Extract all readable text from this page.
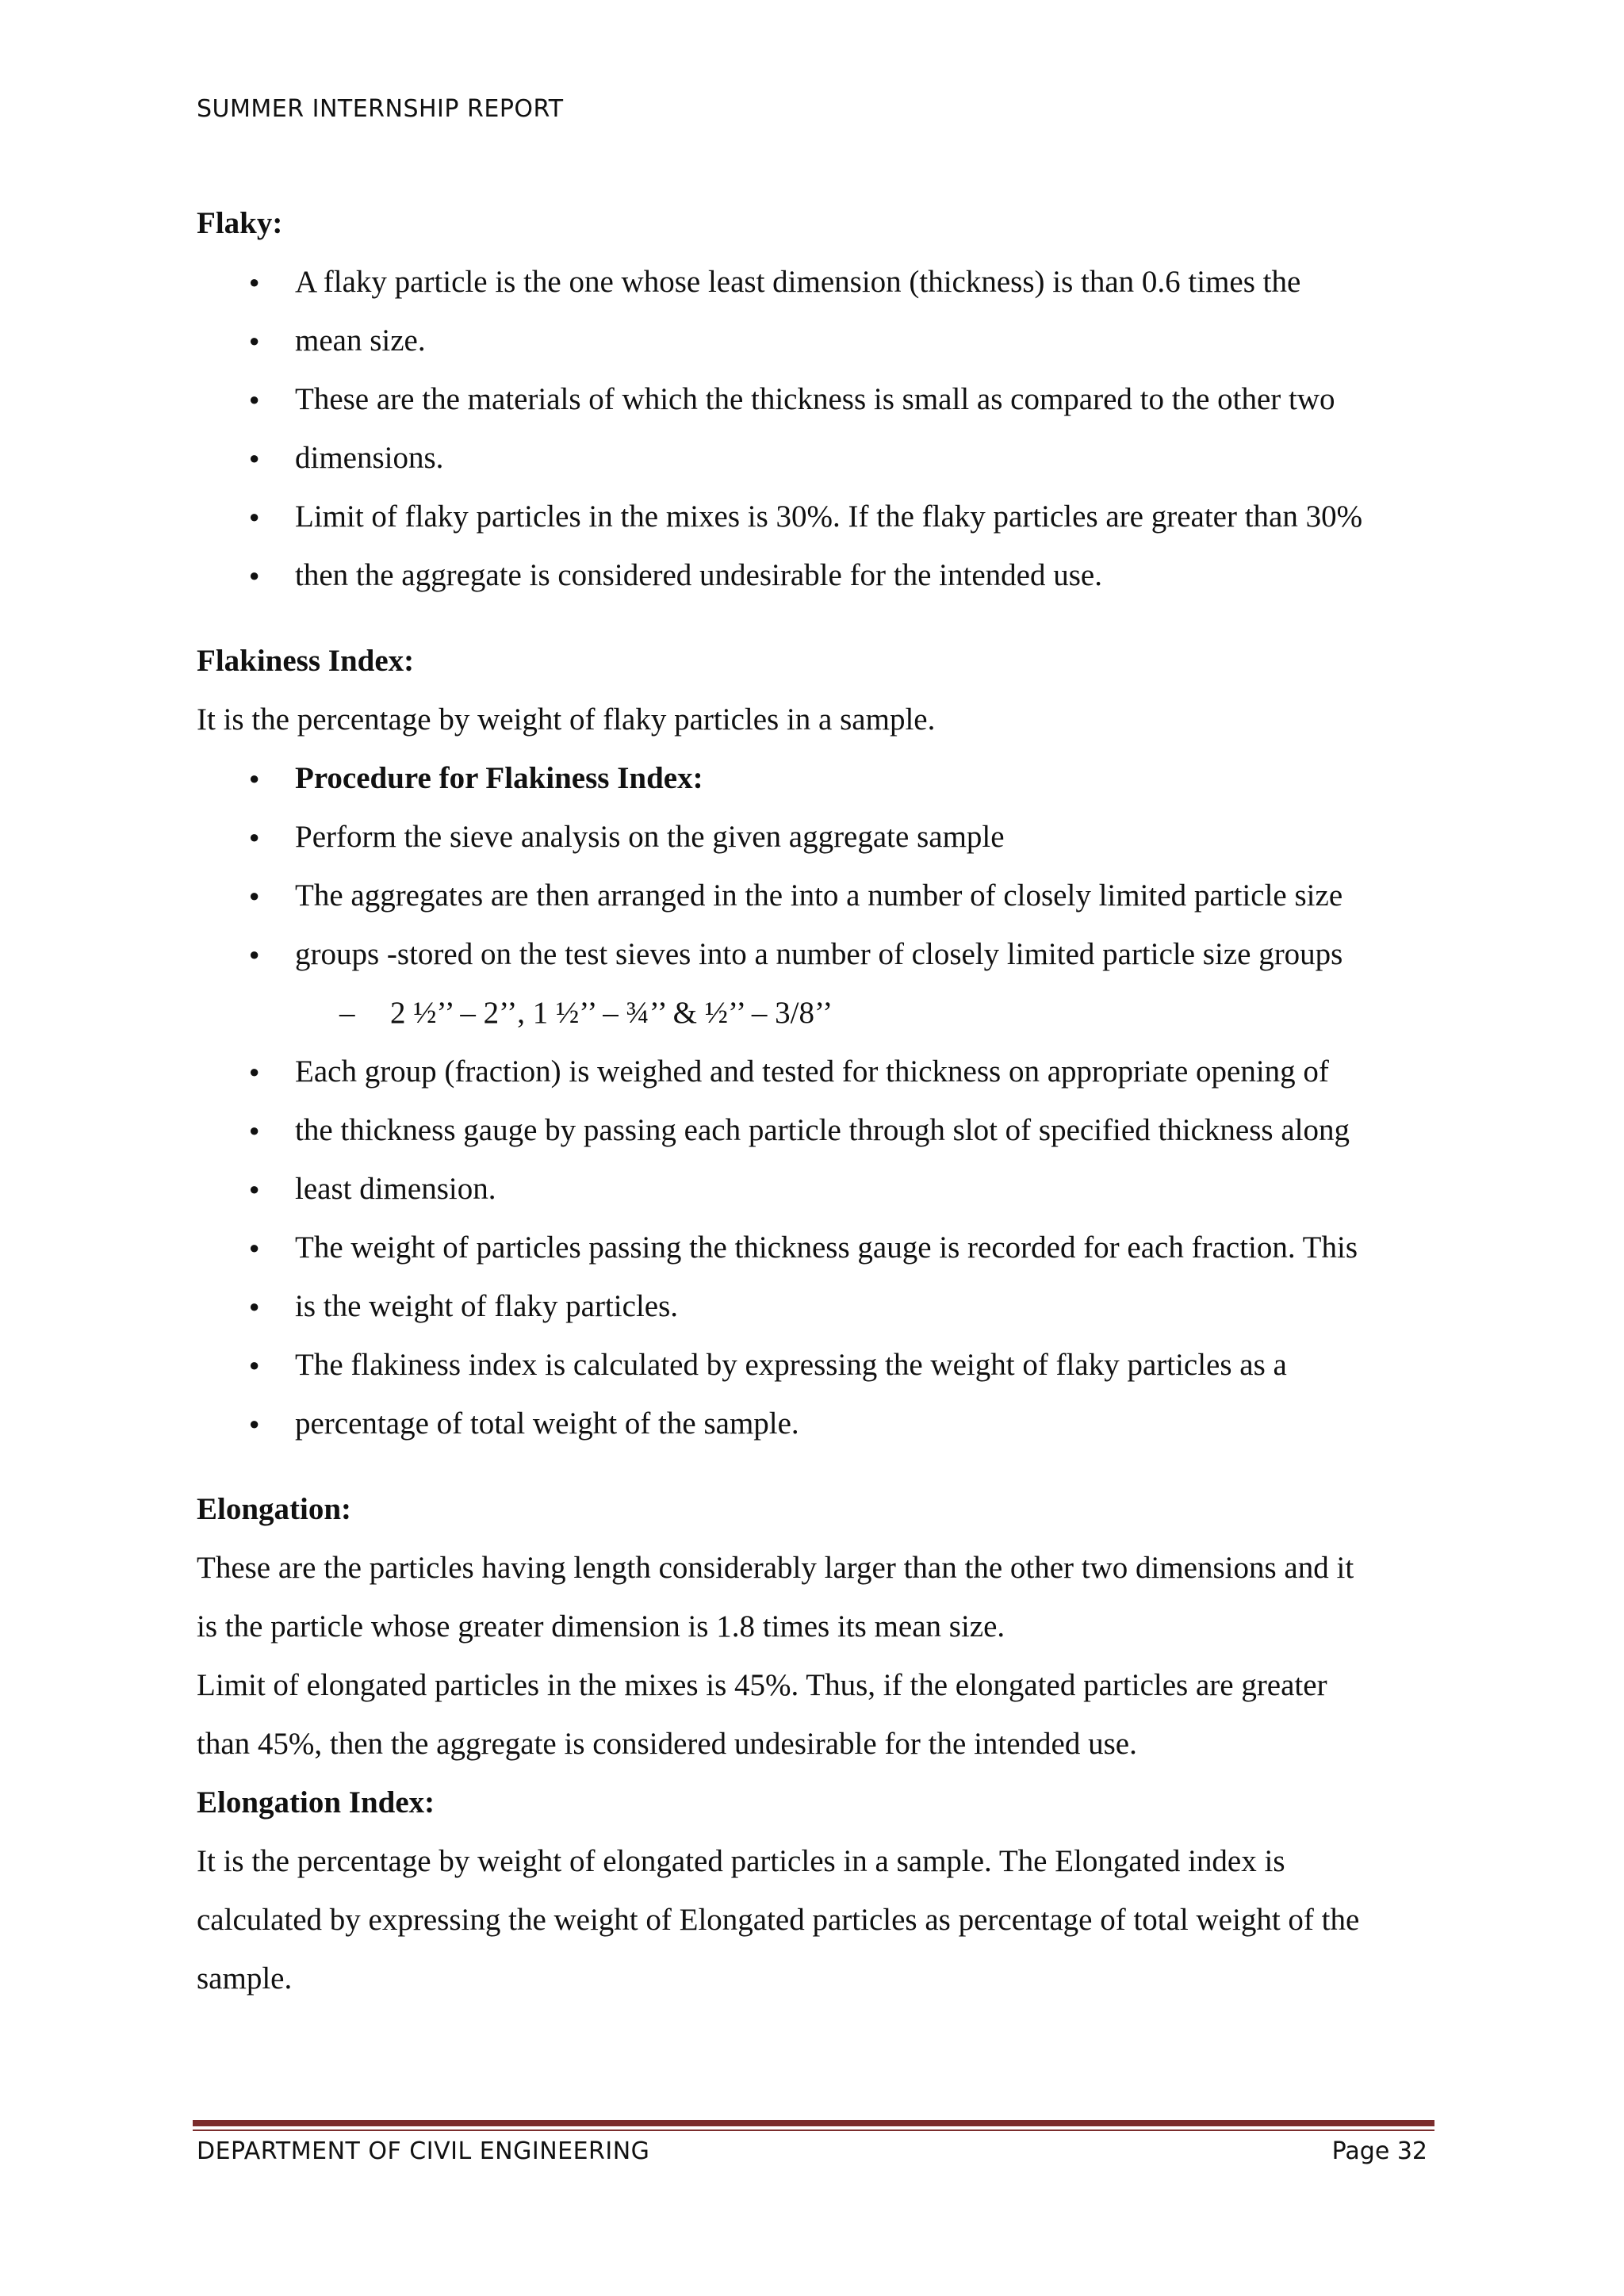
SUMMER INTERNSHIP REPORT

Flaky:

● A flaky particle is the one whose least dimension (thickness) is than 0.6 times the
● mean size.
● These are the materials of which the thickness is small as compared to the other two
● dimensions.
● Limit of flaky particles in the mixes is 30%. If the flaky particles are greater than 30%
● then the aggregate is considered undesirable for the intended use.

Flakiness Index:

It is the percentage by weight of flaky particles in a sample.

● Procedure for Flakiness Index:
● Perform the sieve analysis on the given aggregate sample
● The aggregates are then arranged in the into a number of closely limited particle size
● groups -stored on the test sieves into a number of closely limited particle size groups

– 2 ½’’ – 2’’, 1 ½’’ – ¾’’ & ½’’ – 3/8’’

● Each group (fraction) is weighed and tested for thickness on appropriate opening of
● the thickness gauge by passing each particle through slot of specified thickness along
● least dimension.
● The weight of particles passing the thickness gauge is recorded for each fraction. This
● is the weight of flaky particles.
● The flakiness index is calculated by expressing the weight of flaky particles as a
● percentage of total weight of the sample.

Elongation:

These are the particles having length considerably larger than the other two dimensions and it

is the particle whose greater dimension is 1.8 times its mean size.

Limit of elongated particles in the mixes is 45%. Thus, if the elongated particles are greater

than 45%, then the aggregate is considered undesirable for the intended use.

Elongation Index:

It is the percentage by weight of elongated particles in a sample. The Elongated index is

calculated by expressing the weight of Elongated particles as percentage of total weight of the

sample.

DEPARTMENT OF CIVIL ENGINEERING	Page 32
